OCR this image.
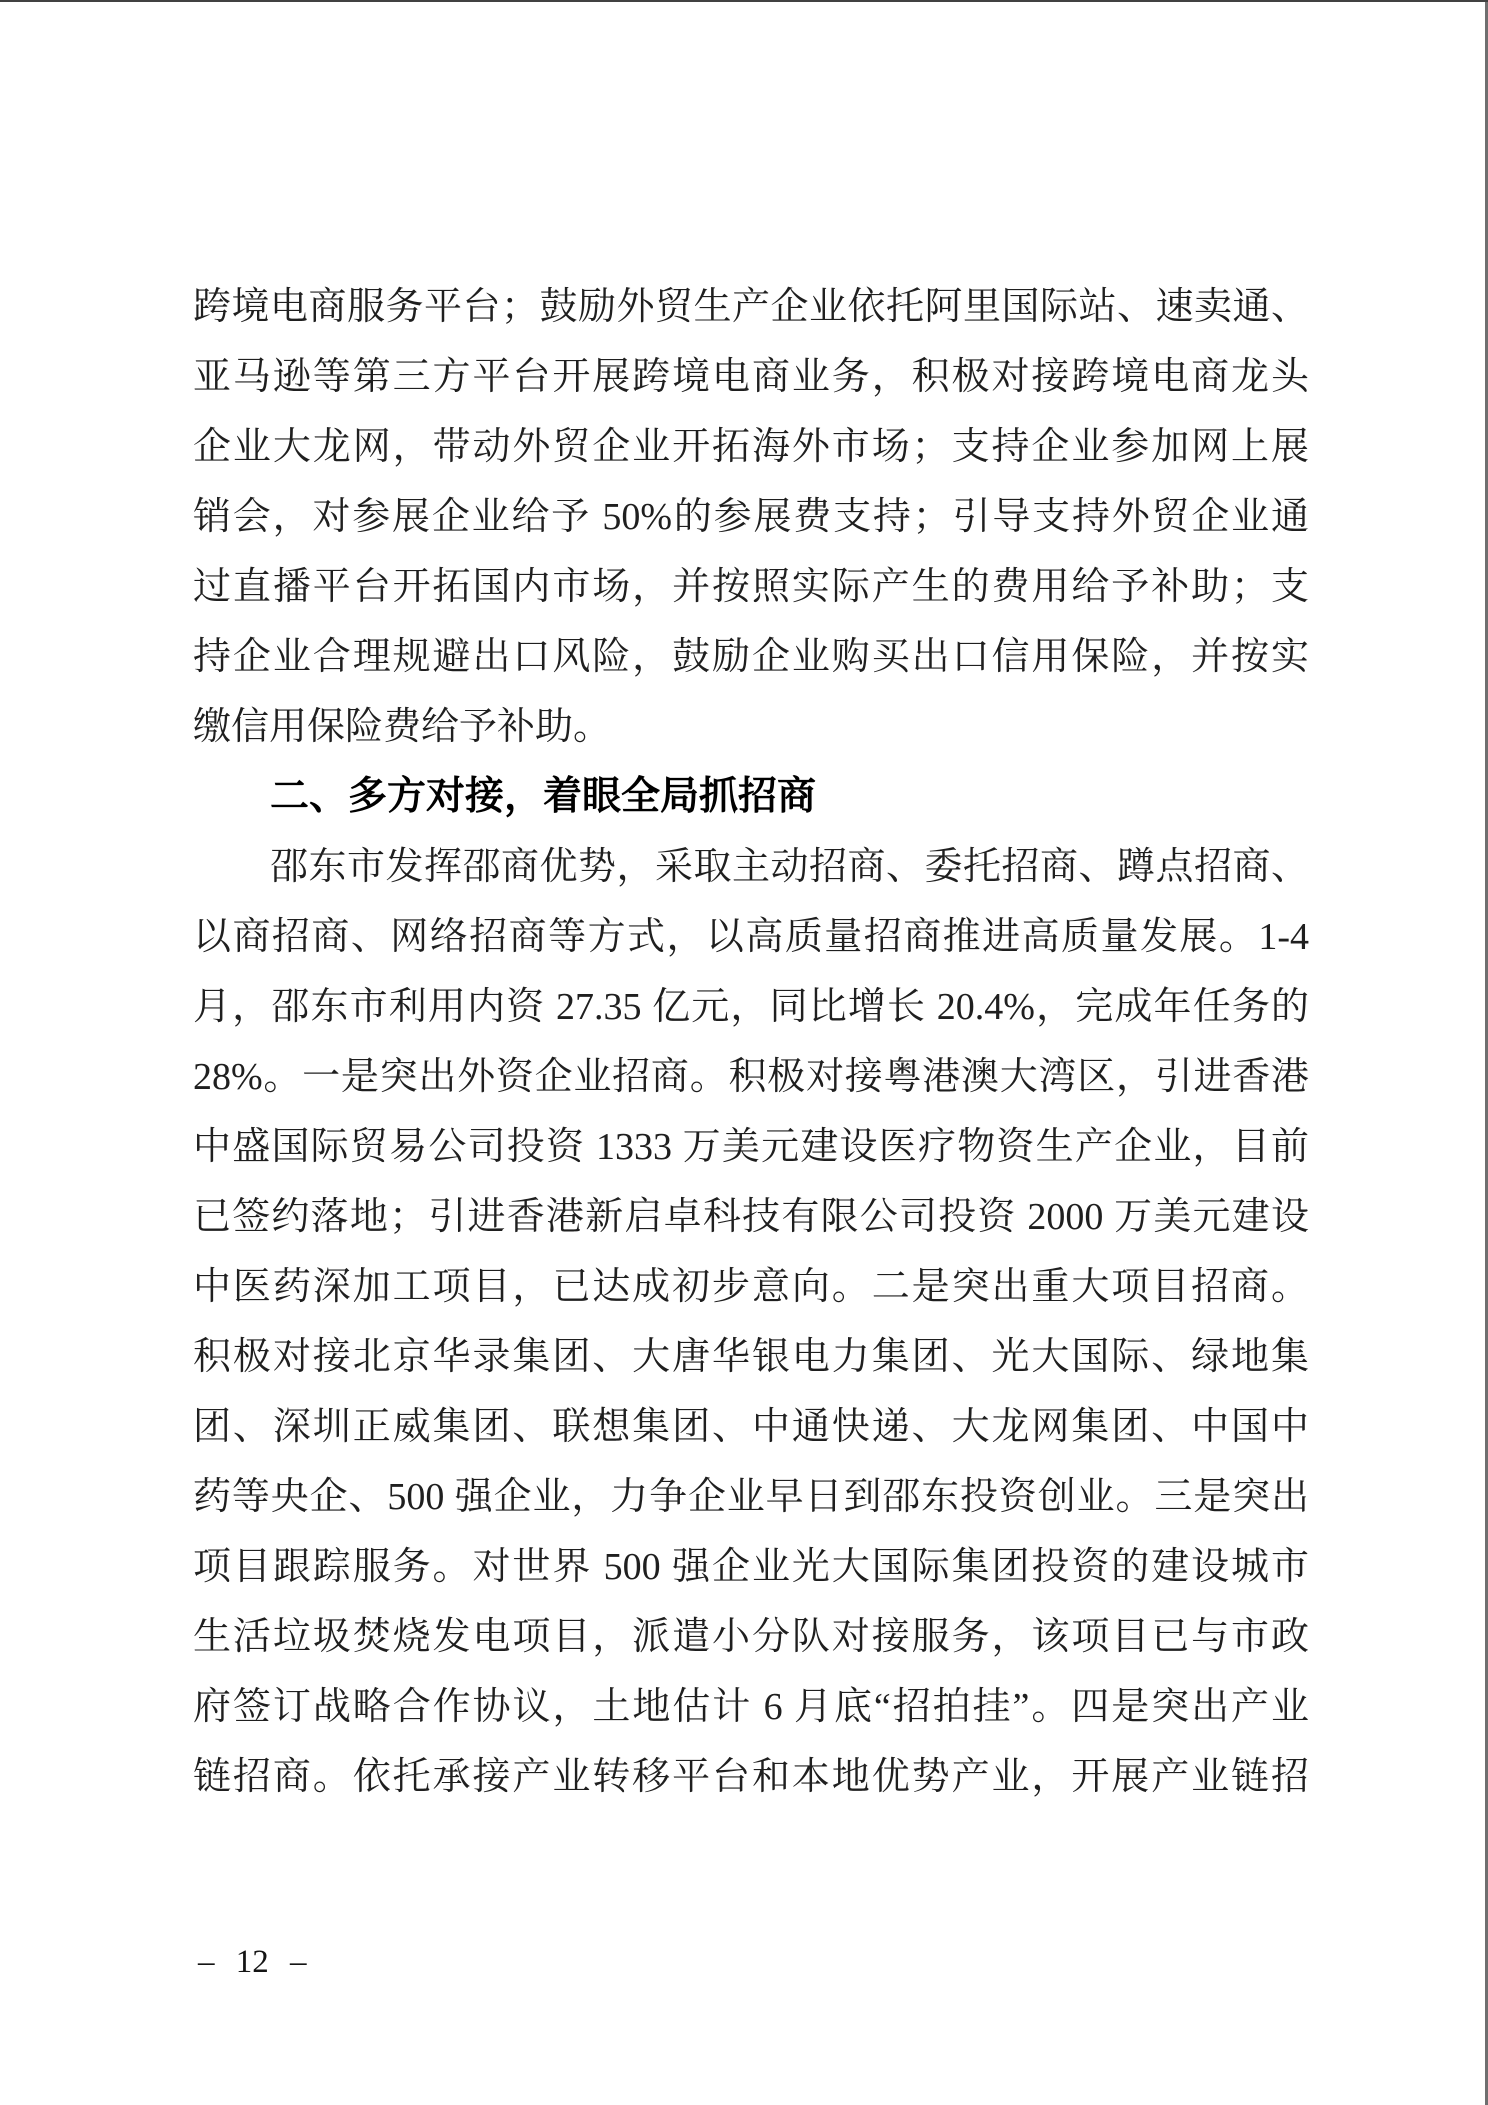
跨境电商服务平台；鼓励外贸生产企业依托阿里国际站、速卖通、

亚马逊等第三方平台开展跨境电商业务，积极对接跨境电商龙头

企业大龙网，带动外贸企业开拓海外市场；支持企业参加网上展

销会，对参展企业给予 50%的参展费支持；引导支持外贸企业通

过直播平台开拓国内市场，并按照实际产生的费用给予补助；支

持企业合理规避出口风险，鼓励企业购买出口信用保险，并按实

缴信用保险费给予补助。

二、多方对接，着眼全局抓招商

邵东市发挥邵商优势，采取主动招商、委托招商、蹲点招商、

以商招商、网络招商等方式，以高质量招商推进高质量发展。1-4

月，邵东市利用内资 27.35 亿元，同比增长 20.4%，完成年任务的

28%。一是突出外资企业招商。积极对接粤港澳大湾区，引进香港

中盛国际贸易公司投资 1333 万美元建设医疗物资生产企业，目前

已签约落地；引进香港新启卓科技有限公司投资 2000 万美元建设

中医药深加工项目，已达成初步意向。二是突出重大项目招商。

积极对接北京华录集团、大唐华银电力集团、光大国际、绿地集

团、深圳正威集团、联想集团、中通快递、大龙网集团、中国中

药等央企、500 强企业，力争企业早日到邵东投资创业。三是突出

项目跟踪服务。对世界 500 强企业光大国际集团投资的建设城市

生活垃圾焚烧发电项目，派遣小分队对接服务，该项目已与市政

府签订战略合作协议，土地估计 6 月底“招拍挂”。四是突出产业

链招商。依托承接产业转移平台和本地优势产业，开展产业链招

– 12 –
